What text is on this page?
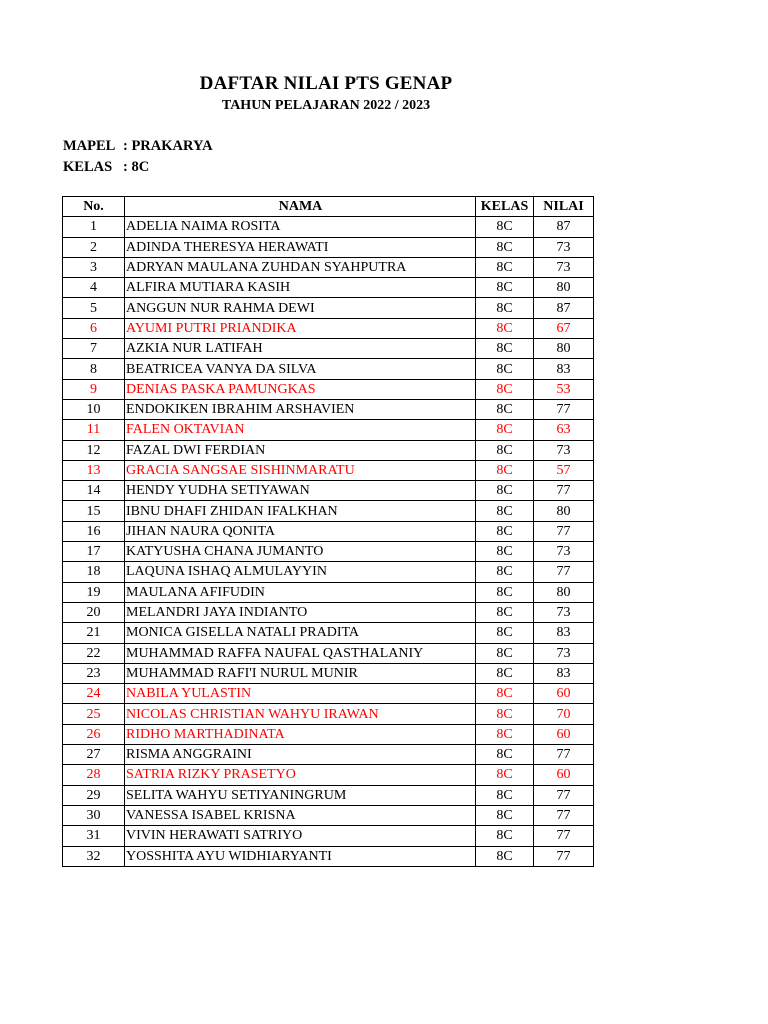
DAFTAR NILAI PTS GENAP
TAHUN PELAJARAN 2022 / 2023
MAPEL : PRAKARYA
KELAS : 8C
No.	NAMA	KELAS	NILAI
1	ADELIA NAIMA ROSITA	8C	87
2	ADINDA THERESYA HERAWATI	8C	73
3	ADRYAN MAULANA ZUHDAN SYAHPUTRA	8C	73
4	ALFIRA MUTIARA KASIH	8C	80
5	ANGGUN NUR RAHMA DEWI	8C	87
6	AYUMI PUTRI PRIANDIKA	8C	67
7	AZKIA NUR LATIFAH	8C	80
8	BEATRICEA VANYA DA SILVA	8C	83
9	DENIAS PASKA PAMUNGKAS	8C	53
10	ENDOKIKEN IBRAHIM ARSHAVIEN	8C	77
11	FALEN OKTAVIAN	8C	63
12	FAZAL DWI FERDIAN	8C	73
13	GRACIA SANGSAE SISHINMARATU	8C	57
14	HENDY YUDHA SETIYAWAN	8C	77
15	IBNU DHAFI ZHIDAN IFALKHAN	8C	80
16	JIHAN NAURA QONITA	8C	77
17	KATYUSHA CHANA JUMANTO	8C	73
18	LAQUNA ISHAQ ALMULAYYIN	8C	77
19	MAULANA AFIFUDIN	8C	80
20	MELANDRI JAYA INDIANTO	8C	73
21	MONICA GISELLA NATALI PRADITA	8C	83
22	MUHAMMAD RAFFA NAUFAL QASTHALANIY	8C	73
23	MUHAMMAD RAFI'I NURUL MUNIR	8C	83
24	NABILA YULASTIN	8C	60
25	NICOLAS CHRISTIAN WAHYU IRAWAN	8C	70
26	RIDHO MARTHADINATA	8C	60
27	RISMA ANGGRAINI	8C	77
28	SATRIA RIZKY PRASETYO	8C	60
29	SELITA WAHYU SETIYANINGRUM	8C	77
30	VANESSA ISABEL KRISNA	8C	77
31	VIVIN HERAWATI SATRIYO	8C	77
32	YOSSHITA AYU WIDHIARYANTI	8C	77
